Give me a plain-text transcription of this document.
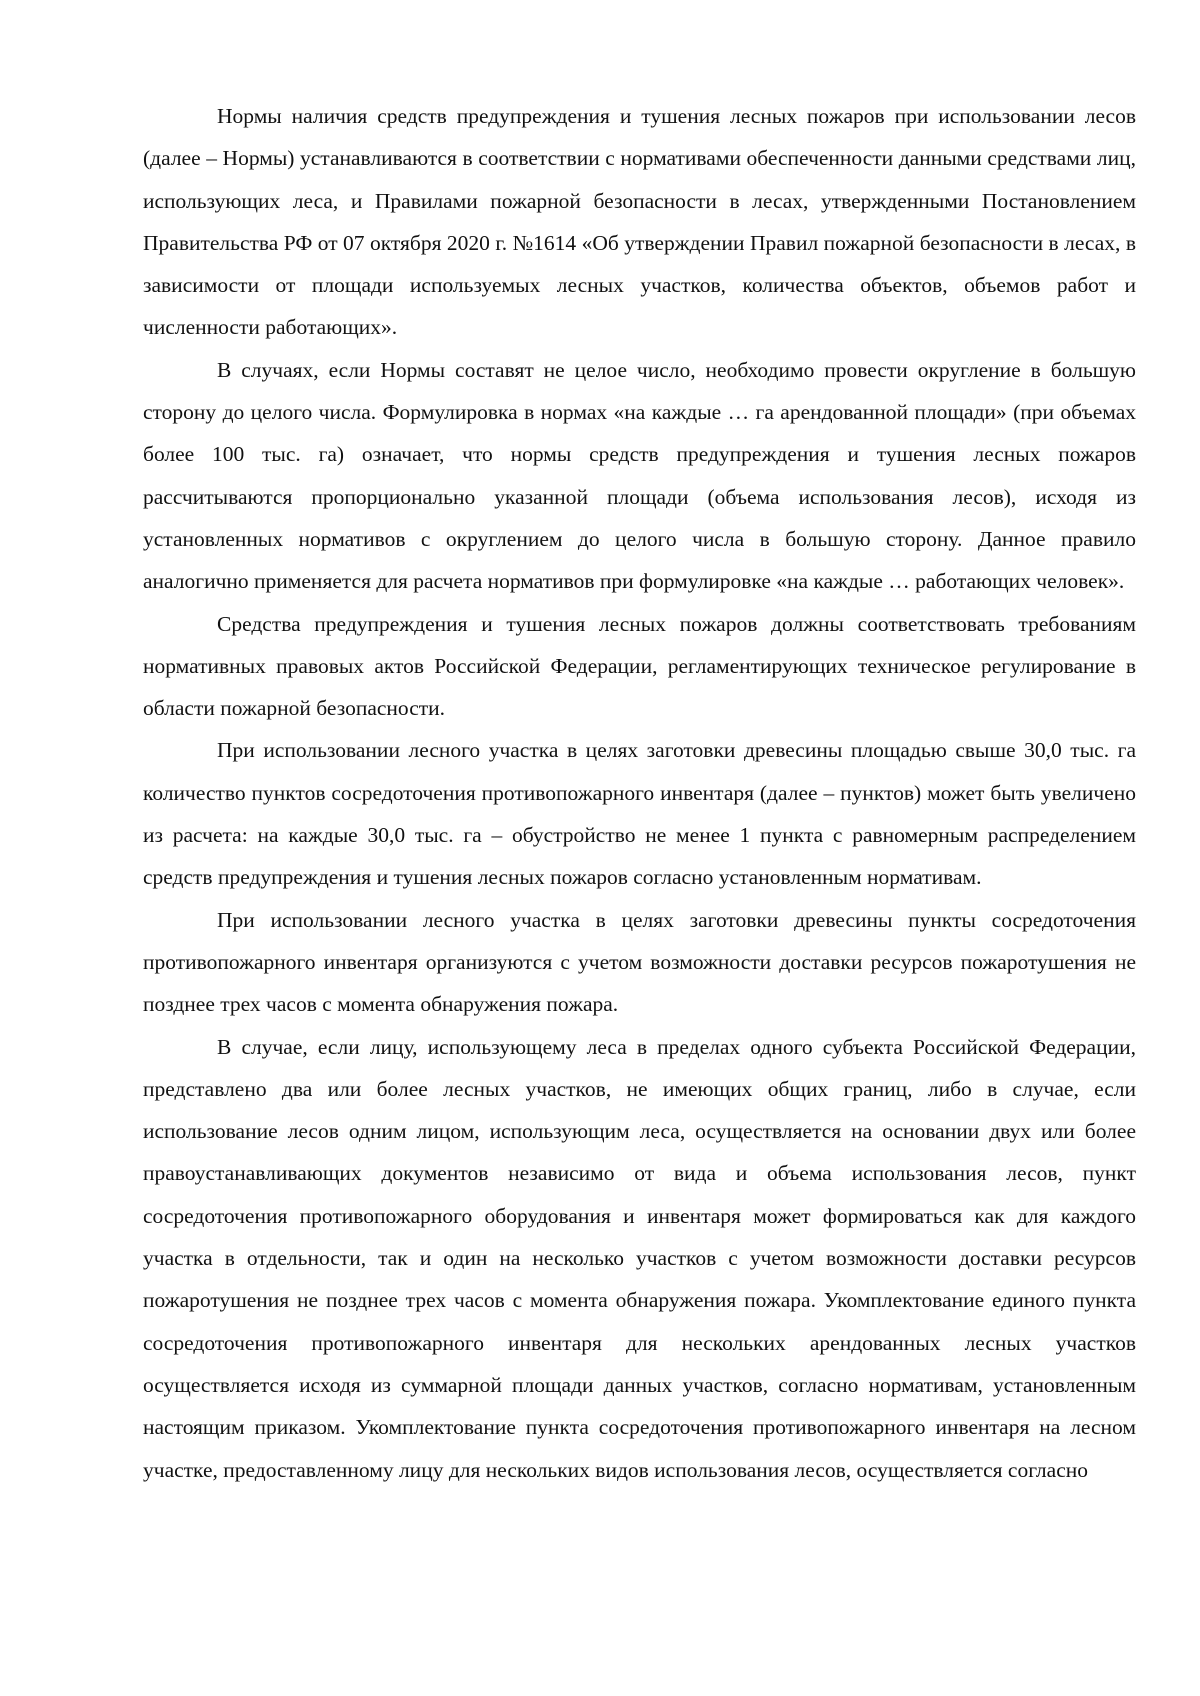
Нормы наличия средств предупреждения и тушения лесных пожаров при использовании лесов (далее – Нормы) устанавливаются в соответствии с нормативами обеспеченности данными средствами лиц, использующих леса, и Правилами пожарной безопасности в лесах, утвержденными Постановлением Правительства РФ от 07 октября 2020 г. №1614 «Об утверждении Правил пожарной безопасности в лесах, в зависимости от площади используемых лесных участков, количества объектов, объемов работ и численности работающих».

В случаях, если Нормы составят не целое число, необходимо провести округление в большую сторону до целого числа. Формулировка в нормах «на каждые … га арендованной площади» (при объемах более 100 тыс. га) означает, что нормы средств предупреждения и тушения лесных пожаров рассчитываются пропорционально указанной площади (объема использования лесов), исходя из установленных нормативов с округлением до целого числа в большую сторону. Данное правило аналогично применяется для расчета нормативов при формулировке «на каждые … работающих человек».

Средства предупреждения и тушения лесных пожаров должны соответствовать требованиям нормативных правовых актов Российской Федерации, регламентирующих техническое регулирование в области пожарной безопасности.

При использовании лесного участка в целях заготовки древесины площадью свыше 30,0 тыс. га количество пунктов сосредоточения противопожарного инвентаря (далее – пунктов) может быть увеличено из расчета: на каждые 30,0 тыс. га – обустройство не менее 1 пункта с равномерным распределением средств предупреждения и тушения лесных пожаров согласно установленным нормативам.

При использовании лесного участка в целях заготовки древесины пункты сосредоточения противопожарного инвентаря организуются с учетом возможности доставки ресурсов пожаротушения не позднее трех часов с момента обнаружения пожара.

В случае, если лицу, использующему леса в пределах одного субъекта Российской Федерации, представлено два или более лесных участков, не имеющих общих границ, либо в случае, если использование лесов одним лицом, использующим леса, осуществляется на основании двух или более правоустанавливающих документов независимо от вида и объема использования лесов, пункт сосредоточения противопожарного оборудования и инвентаря может формироваться как для каждого участка в отдельности, так и один на несколько участков с учетом возможности доставки ресурсов пожаротушения не позднее трех часов с момента обнаружения пожара. Укомплектование единого пункта сосредоточения противопожарного инвентаря для нескольких арендованных лесных участков осуществляется исходя из суммарной площади данных участков, согласно нормативам, установленным настоящим приказом. Укомплектование пункта сосредоточения противопожарного инвентаря на лесном участке, предоставленному лицу для нескольких видов использования лесов, осуществляется согласно
